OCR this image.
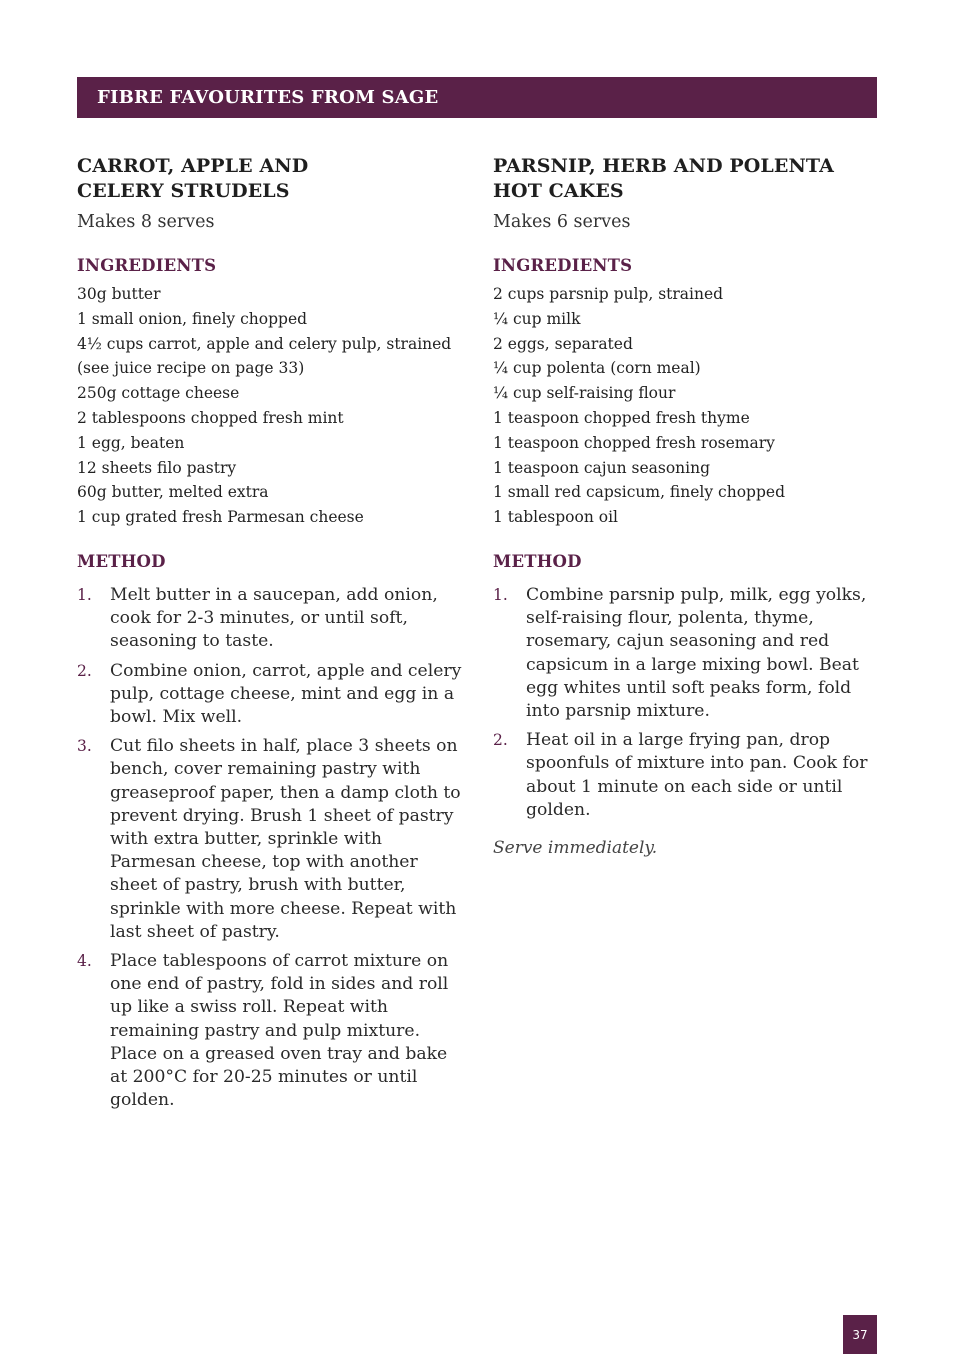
FIBRE FAVOURITES FROM SAGE
CARROT, APPLE AND
CELERY STRUDELS
Makes 8 serves
INGREDIENTS
30g butter
1 small onion, finely chopped
4½ cups carrot, apple and celery pulp, strained
(see juice recipe on page 33)
250g cottage cheese
2 tablespoons chopped fresh mint
1 egg, beaten
12 sheets filo pastry
60g butter, melted extra
1 cup grated fresh Parmesan cheese
METHOD
1. Melt butter in a saucepan, add onion, cook for 2-3 minutes, or until soft, seasoning to taste.
2. Combine onion, carrot, apple and celery pulp, cottage cheese, mint and egg in a bowl. Mix well.
3. Cut filo sheets in half, place 3 sheets on bench, cover remaining pastry with greaseproof paper, then a damp cloth to prevent drying. Brush 1 sheet of pastry with extra butter, sprinkle with Parmesan cheese, top with another sheet of pastry, brush with butter, sprinkle with more cheese. Repeat with last sheet of pastry.
4. Place tablespoons of carrot mixture on one end of pastry, fold in sides and roll up like a swiss roll. Repeat with remaining pastry and pulp mixture. Place on a greased oven tray and bake at 200°C for 20-25 minutes or until golden.
PARSNIP, HERB AND POLENTA
HOT CAKES
Makes 6 serves
INGREDIENTS
2 cups parsnip pulp, strained
¼ cup milk
2 eggs, separated
¼ cup polenta (corn meal)
¼ cup self-raising flour
1 teaspoon chopped fresh thyme
1 teaspoon chopped fresh rosemary
1 teaspoon cajun seasoning
1 small red capsicum, finely chopped
1 tablespoon oil
METHOD
1. Combine parsnip pulp, milk, egg yolks, self-raising flour, polenta, thyme, rosemary, cajun seasoning and red capsicum in a large mixing bowl. Beat egg whites until soft peaks form, fold into parsnip mixture.
2. Heat oil in a large frying pan, drop spoonfuls of mixture into pan. Cook for about 1 minute on each side or until golden.
Serve immediately.
37
